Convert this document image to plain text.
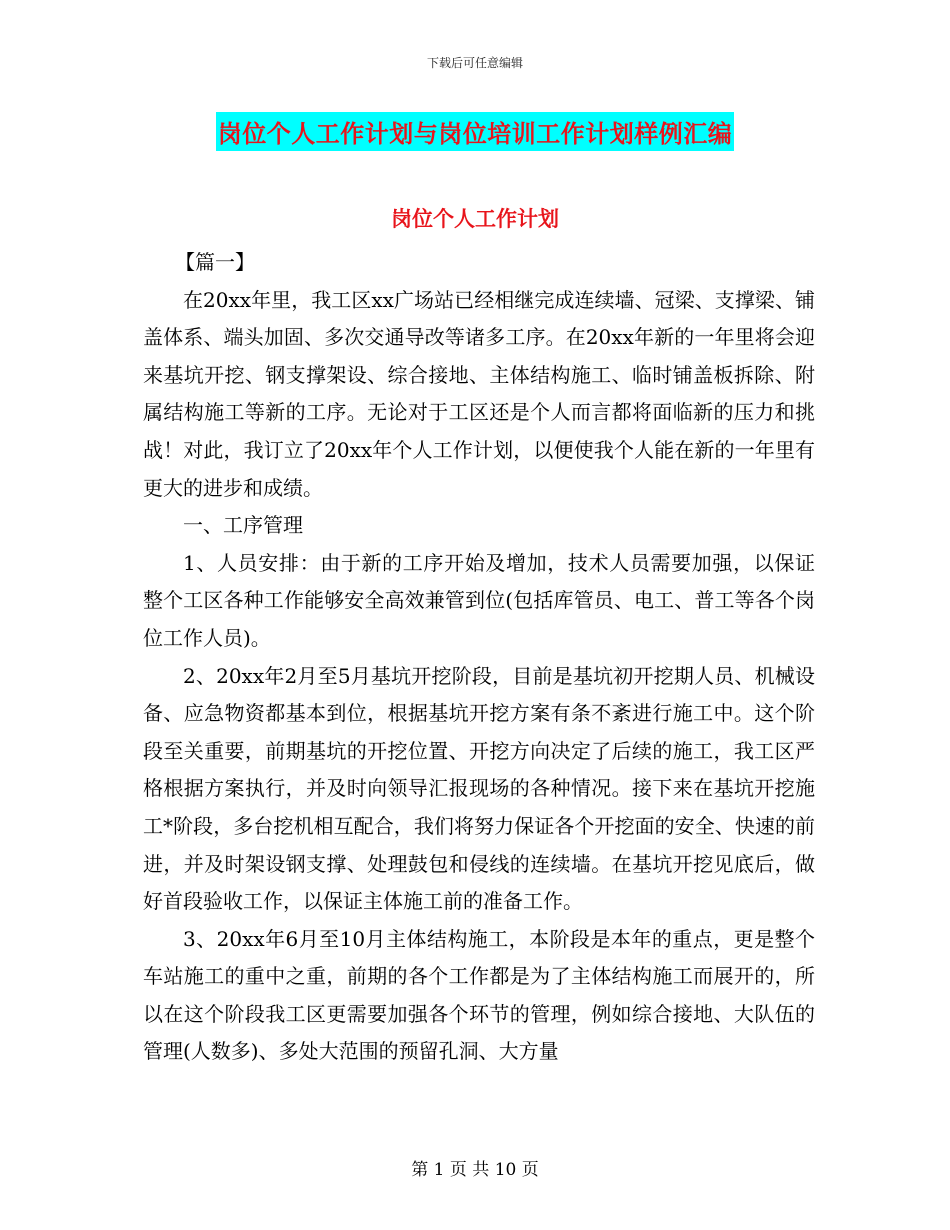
下载后可任意编辑
岗位个人工作计划与岗位培训工作计划样例汇编
岗位个人工作计划

【篇一】

在20xx年里，我工区xx广场站已经相继完成连续墙、冠梁、支撑梁、铺盖体系、端头加固、多次交通导改等诸多工序。在20xx年新的一年里将会迎来基坑开挖、钢支撑架设、综合接地、主体结构施工、临时铺盖板拆除、附属结构施工等新的工序。无论对于工区还是个人而言都将面临新的压力和挑战！对此，我订立了20xx年个人工作计划，以便使我个人能在新的一年里有更大的进步和成绩。

一、工序管理

1、人员安排：由于新的工序开始及增加，技术人员需要加强，以保证整个工区各种工作能够安全高效兼管到位(包括库管员、电工、普工等各个岗位工作人员)。

2、20xx年2月至5月基坑开挖阶段，目前是基坑初开挖期人员、机械设备、应急物资都基本到位，根据基坑开挖方案有条不紊进行施工中。这个阶段至关重要，前期基坑的开挖位置、开挖方向决定了后续的施工，我工区严格根据方案执行，并及时向领导汇报现场的各种情况。接下来在基坑开挖施工*阶段，多台挖机相互配合，我们将努力保证各个开挖面的安全、快速的前进，并及时架设钢支撑、处理鼓包和侵线的连续墙。在基坑开挖见底后，做好首段验收工作，以保证主体施工前的准备工作。

3、20xx年6月至10月主体结构施工，本阶段是本年的重点，更是整个车站施工的重中之重，前期的各个工作都是为了主体结构施工而展开的，所以在这个阶段我工区更需要加强各个环节的管理，例如综合接地、大队伍的管理(人数多)、多处大范围的预留孔洞、大方量

第 1 页 共 10 页
